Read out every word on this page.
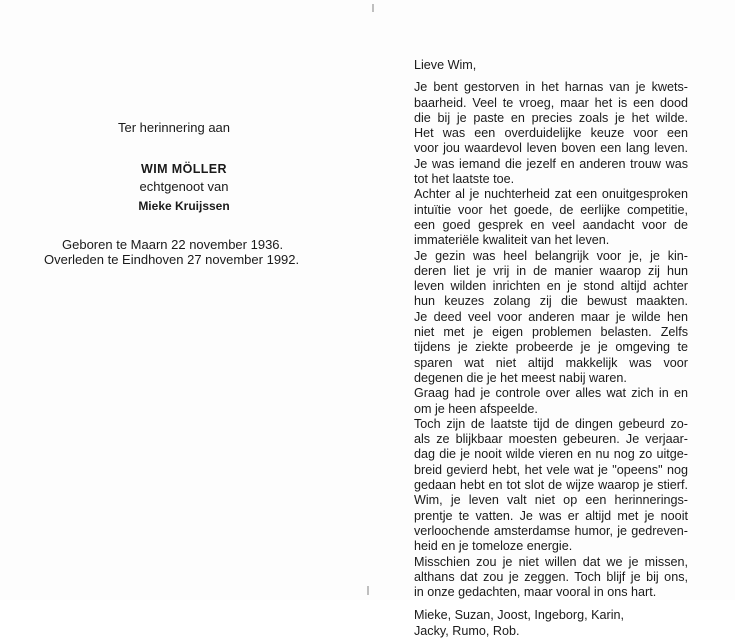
Ter herinnering aan
WIM MÖLLER
echtgenoot van
Mieke Kruijssen
Geboren te Maarn 22 november 1936.
Overleden te Eindhoven 27 november 1992.
Lieve Wim,
Je bent gestorven in het harnas van je kwets-
baarheid. Veel te vroeg, maar het is een dood
die bij je paste en precies zoals je het wilde.
Het was een overduidelijke keuze voor een
voor jou waardevol leven boven een lang leven.
Je was iemand die jezelf en anderen trouw was
tot het laatste toe.
Achter al je nuchterheid zat een onuitgesproken
intuïtie voor het goede, de eerlijke competitie,
een goed gesprek en veel aandacht voor de
immateriële kwaliteit van het leven.
Je gezin was heel belangrijk voor je, je kin-
deren liet je vrij in de manier waarop zij hun
leven wilden inrichten en je stond altijd achter
hun keuzes zolang zij die bewust maakten.
Je deed veel voor anderen maar je wilde hen
niet met je eigen problemen belasten. Zelfs
tijdens je ziekte probeerde je je omgeving te
sparen wat niet altijd makkelijk was voor
degenen die je het meest nabij waren.
Graag had je controle over alles wat zich in en
om je heen afspeelde.
Toch zijn de laatste tijd de dingen gebeurd zo-
als ze blijkbaar moesten gebeuren. Je verjaar-
dag die je nooit wilde vieren en nu nog zo uitge-
breid gevierd hebt, het vele wat je "opeens" nog
gedaan hebt en tot slot de wijze waarop je stierf.
Wim, je leven valt niet op een herinnerings-
prentje te vatten. Je was er altijd met je nooit
verloochende amsterdamse humor, je gedreven-
heid en je tomeloze energie.
Misschien zou je niet willen dat we je missen,
althans dat zou je zeggen. Toch blijf je bij ons,
in onze gedachten, maar vooral in ons hart.
Mieke, Suzan, Joost, Ingeborg, Karin,
Jacky, Rumo, Rob.
